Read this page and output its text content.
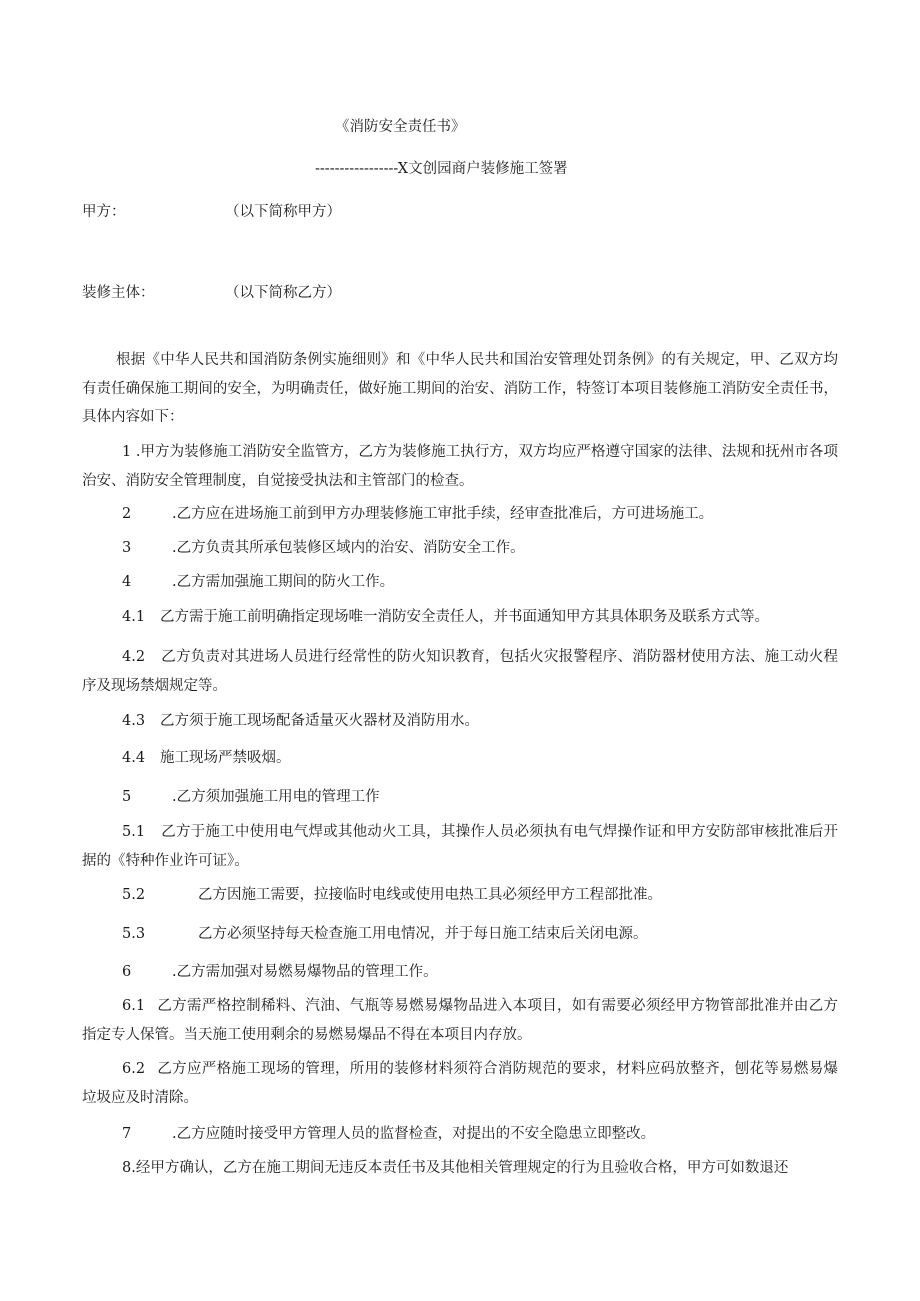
《消防安全责任书》
-----------------X文创园商户装修施工签署
甲方：	（以下简称甲方）
装修主体：	（以下简称乙方）
根据《中华人民共和国消防条例实施细则》和《中华人民共和国治安管理处罚条例》的有关规定，甲、乙双方均有责任确保施工期间的安全，为明确责任，做好施工期间的治安、消防工作，特签订本项目装修施工消防安全责任书，具体内容如下：
1 .甲方为装修施工消防安全监管方，乙方为装修施工执行方，双方均应严格遵守国家的法律、法规和抚州市各项治安、消防安全管理制度，自觉接受执法和主管部门的检查。
2	.乙方应在进场施工前到甲方办理装修施工审批手续，经审查批准后，方可进场施工。
3	.乙方负责其所承包装修区域内的治安、消防安全工作。
4	.乙方需加强施工期间的防火工作。
4.1 乙方需于施工前明确指定现场唯一消防安全责任人，并书面通知甲方其具体职务及联系方式等。
4.2 乙方负责对其进场人员进行经常性的防火知识教育，包括火灾报警程序、消防器材使用方法、施工动火程序及现场禁烟规定等。
4.3 乙方须于施工现场配备适量灭火器材及消防用水。
4.4 施工现场严禁吸烟。
5	.乙方须加强施工用电的管理工作
5.1 乙方于施工中使用电气焊或其他动火工具，其操作人员必须执有电气焊操作证和甲方安防部审核批准后开据的《特种作业许可证》。
5.2	乙方因施工需要，拉接临时电线或使用电热工具必须经甲方工程部批准。
5.3	乙方必须坚持每天检查施工用电情况，并于每日施工结束后关闭电源。
6	.乙方需加强对易燃易爆物品的管理工作。
6.1 乙方需严格控制稀料、汽油、气瓶等易燃易爆物品进入本项目，如有需要必须经甲方物管部批准并由乙方指定专人保管。当天施工使用剩余的易燃易爆品不得在本项目内存放。
6.2 乙方应严格施工现场的管理，所用的装修材料须符合消防规范的要求，材料应码放整齐，刨花等易燃易爆垃圾应及时清除。
7	.乙方应随时接受甲方管理人员的监督检查，对提出的不安全隐患立即整改。
8.经甲方确认，乙方在施工期间无违反本责任书及其他相关管理规定的行为且验收合格，甲方可如数退还
